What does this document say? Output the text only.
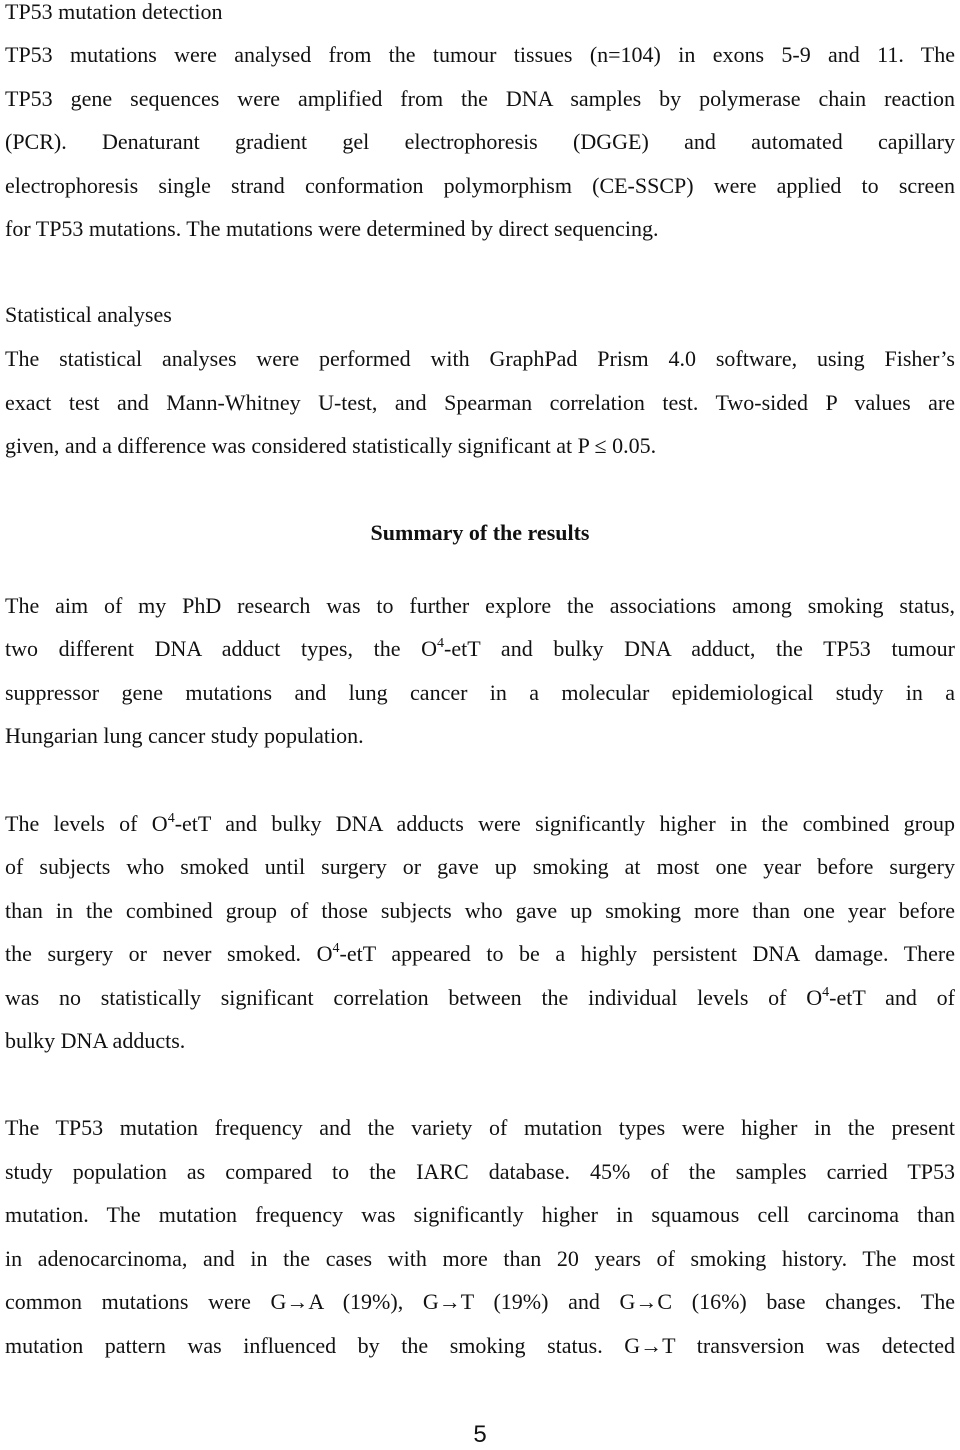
TP53 mutation detection
TP53 mutations were analysed from the tumour tissues (n=104) in exons 5-9 and 11. The
TP53 gene sequences were amplified from the DNA samples by polymerase chain reaction
(PCR). Denaturant gradient gel electrophoresis (DGGE) and automated capillary
electrophoresis single strand conformation polymorphism (CE-SSCP) were applied to screen
for TP53 mutations. The mutations were determined by direct sequencing.
Statistical analyses
The statistical analyses were performed with GraphPad Prism 4.0 software, using Fisher’s
exact test and Mann-Whitney U-test, and Spearman correlation test. Two-sided P values are
given, and a difference was considered statistically significant at P ≤ 0.05.
Summary of the results
The aim of my PhD research was to further explore the associations among smoking status,
two different DNA adduct types, the $O^4$-etT and bulky DNA adduct, the TP53 tumour
suppressor gene mutations and lung cancer in a molecular epidemiological study in a
Hungarian lung cancer study population.
The levels of $O^4$-etT and bulky DNA adducts were significantly higher in the combined group
of subjects who smoked until surgery or gave up smoking at most one year before surgery
than in the combined group of those subjects who gave up smoking more than one year before
the surgery or never smoked. $O^4$-etT appeared to be a highly persistent DNA damage. There
was no statistically significant correlation between the individual levels of $O^4$-etT and of
bulky DNA adducts.
The TP53 mutation frequency and the variety of mutation types were higher in the present
study population as compared to the IARC database. 45% of the samples carried TP53
mutation. The mutation frequency was significantly higher in squamous cell carcinoma than
in adenocarcinoma, and in the cases with more than 20 years of smoking history. The most
common mutations were G→A (19%), G→T (19%) and G→C (16%) base changes. The
mutation pattern was influenced by the smoking status. G→T transversion was detected
5
